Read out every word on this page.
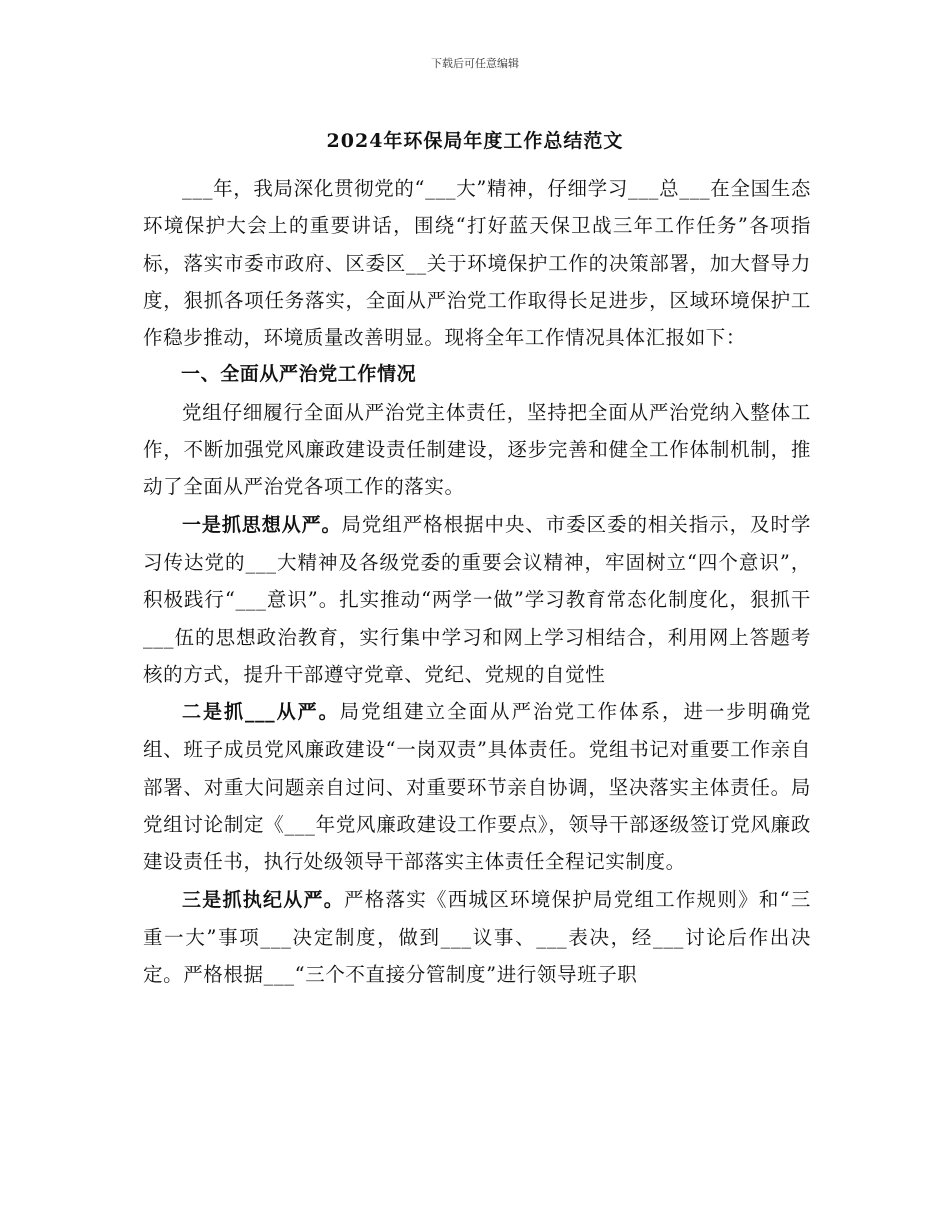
下载后可任意编辑
2024年环保局年度工作总结范文

___年，我局深化贯彻党的“___大”精神，仔细学习___总___在全国生态环境保护大会上的重要讲话，围绕“打好蓝天保卫战三年工作任务”各项指标，落实市委市政府、区委区__关于环境保护工作的决策部署，加大督导力度，狠抓各项任务落实，全面从严治党工作取得长足进步，区域环境保护工作稳步推动，环境质量改善明显。现将全年工作情况具体汇报如下：

一、全面从严治党工作情况

党组仔细履行全面从严治党主体责任，坚持把全面从严治党纳入整体工作，不断加强党风廉政建设责任制建设，逐步完善和健全工作体制机制，推动了全面从严治党各项工作的落实。

一是抓思想从严。局党组严格根据中央、市委区委的相关指示，及时学习传达党的___大精神及各级党委的重要会议精神，牢固树立“四个意识”，积极践行“___意识”。扎实推动“两学一做”学习教育常态化制度化，狠抓干___伍的思想政治教育，实行集中学习和网上学习相结合，利用网上答题考核的方式，提升干部遵守党章、党纪、党规的自觉性

二是抓___从严。局党组建立全面从严治党工作体系，进一步明确党组、班子成员党风廉政建设“一岗双责”具体责任。党组书记对重要工作亲自部署、对重大问题亲自过问、对重要环节亲自协调，坚决落实主体责任。局党组讨论制定《___年党风廉政建设工作要点》，领导干部逐级签订党风廉政建设责任书，执行处级领导干部落实主体责任全程记实制度。

三是抓执纪从严。严格落实《西城区环境保护局党组工作规则》和“三重一大”事项___决定制度，做到___议事、___表决，经___讨论后作出决定。严格根据___“三个不直接分管制度”进行领导班子职
